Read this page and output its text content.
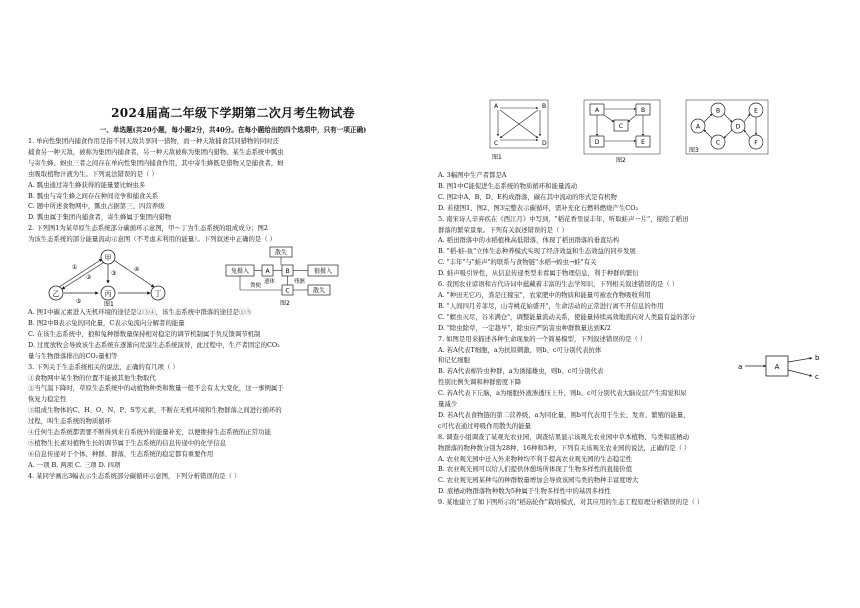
2024届高二年级下学期第二次月考生物试卷
一、单选题(共20小题，每小题2分，共40分。在每小题给出的四个选项中，只有一项正确)
1. 单向性集团内捕食作用是指不同天敌共享同一猎物，而一种天敌捕食其同猎物的同时还
捕食另一种天敌，被称为集团内捕食者，另一种天敌被称为集团内猎物。某生态系统中瓢虫
与寄生蜂、蚜虫三者之间存在单向性集团内捕食作用，其中寄生蜂既是猎物又是捕食者，蚜
虫吸取植物汁液为生。下列说法错误的是（ ）
A. 瓢虫通过寄生蜂获得的能量要比蚜虫多
B. 瓢虫与寄生蜂之间存在种间竞争和捕食关系
C. 题中所述食物网中，瓢虫占据第三、四营养级
D. 瓢虫属于集团内捕食者，寄生蜂属于集团内猎物
2. 下列图1为某草原生态系统部分碳循环示意图，甲～丁为生态系统的组成成分；图2
为该生态系统的部分能量流动示意图（不考虑未利用的能量）。下列叙述中正确的是（ ）
甲
乙	丙	丁
①
②
③
④
⑤	图1
散失
兔摄入	A	B	狼摄入
C	散失
粪便
遗体	残骸
图2
A. 图1中碳元素进入无机环境的途径是②③④，该生态系统中群落的途径是①⑤
B. 图2中B表示兔的同化量，C表示兔流向分解者的能量
C. 在该生态系统中，狼和兔种群数量保持相对稳定的调节机制属于负反馈调节机制
D. 过度放牧会导致该生态系统在逐渐向荒漠生态系统演替，此过程中，生产者固定的CO₂
量与生物群落排出的CO₂量相等
3. 下列关于生态系统相关的说法，正确的有几项（ ）
①食物网中某生物的位置不能被其他生物取代
②当气温下降时，草原生态系统中的动植物种类和数量一般不会有太大变化，这一事例属于
恢复力稳定性
③组成生物体的C、H、O、N、P、S等元素，不断在无机环境和生物群落之间进行循环的
过程，叫生态系统的物质循环
④任何生态系统都需要不断得到来自系统外的能量补充，以便维持生态系统的正常功能
⑤植物生长素对植物生长的调节属于生态系统的信息传递中的化学信息
⑥信息传递对于个体、种群、群落，生态系统的稳定都有重要作用
A. 一项 B. 两项 C. 三项 D. 四项
4. 某同学画出3幅表示生态系统部分碳循环示意图，下列分析错误的是（ ）
A	B
C	D
图1
A	B
C
D	E
图2
A
B
C
D
E
F
图3
A. 3幅图中生产者都是A
B. 图1中C能促进生态系统的物质循环和能量流动
C. 图2中A、B、D、E构成群落，碳在其中流动的形式是有机物
D. 若使图1、图2、图3完整表示碳循环，需补充化石燃料燃烧产生CO₂
5. 南宋诗人辛弃疾在《西江月》中写到，"稻花香里说丰年，听取蛙声一片"，描绘了稻田
群落的繁荣景象。下列有关叙述错误的是（ ）
A. 稻田群落中的水稻植株高低错落，体现了稻田群落的垂直结构
B. "稻-蛙-鱼"立体生态种养模式实现了经济效益和生态效益的同步发展
C. "丰年"与"蛙声"的联系与食物链"水稻→蝗虫→蛙"有关
D. 蛙声吸引异性，从信息传递类型来看属于物理信息，利于种群的繁衍
6. 我国农业谚语和古代诗词中蕴藏着丰富的生态学知识，下列相关叙述错误的是（ ）
A. "种田无它巧，粪是庄稼宝"，农家肥中的物质和能量可被农作物吸收利用
B. "人间四月芳菲尽，山寺桃花始盛开"，生命活动的正常进行离不开信息的作用
C. "螟虫灭尽，谷米满仓"，调整能量流动关系，使能量持续高效地流向对人类最有益的部分
D. "除虫除草，一定趁早"，除虫应严防害虫种群数量达到K/2
7. 如图是用来描述各种生命现象的一个简易模型，下列叙述错误的是（ ）
A. 若A代表T细胞，a为抗原刺激，则b、c可分别代表抗体
和记忆细胞
B. 若A代表棉铃虫种群，a为诱捕雄虫，则b、c可分别代表
性别比例失调和种群密度下降
C. 若A代表下丘脑，a为细胞外液渗透压上升，则b、c可分别代表大脑皮层产生渴觉和尿
量减少
D. 若A代表食物链的第二营养级，a为同化量，则b可代表用于生长、发育、繁殖的能量，
c可代表通过呼吸作用散失的能量
8. 调查小组调查了某观光农业园，调查结果显示该观光农业园中草本植物、鸟类和底栖动
物群落的物种数分别为28种、16种和5种，下列有关该观光农业园的说法，正确的是（ ）
A. 农业观光园中迁入外来物种均不利于提高农业观光园的生态稳定性
B. 农业观光园可以给人们提供休憩场所体现了生物多样性的直接价值
C. 农业观光园某种鸟的种群数量增加会导致该园鸟类的物种丰富度增大
D. 底栖动物群落物种数为5种属于生物多样性中的基因多样性
9. 某地建立了如下图所示的"稻菇轮作"栽培模式，对其应用的生态工程原理分析错误的是（ ）
a	A
b
c
